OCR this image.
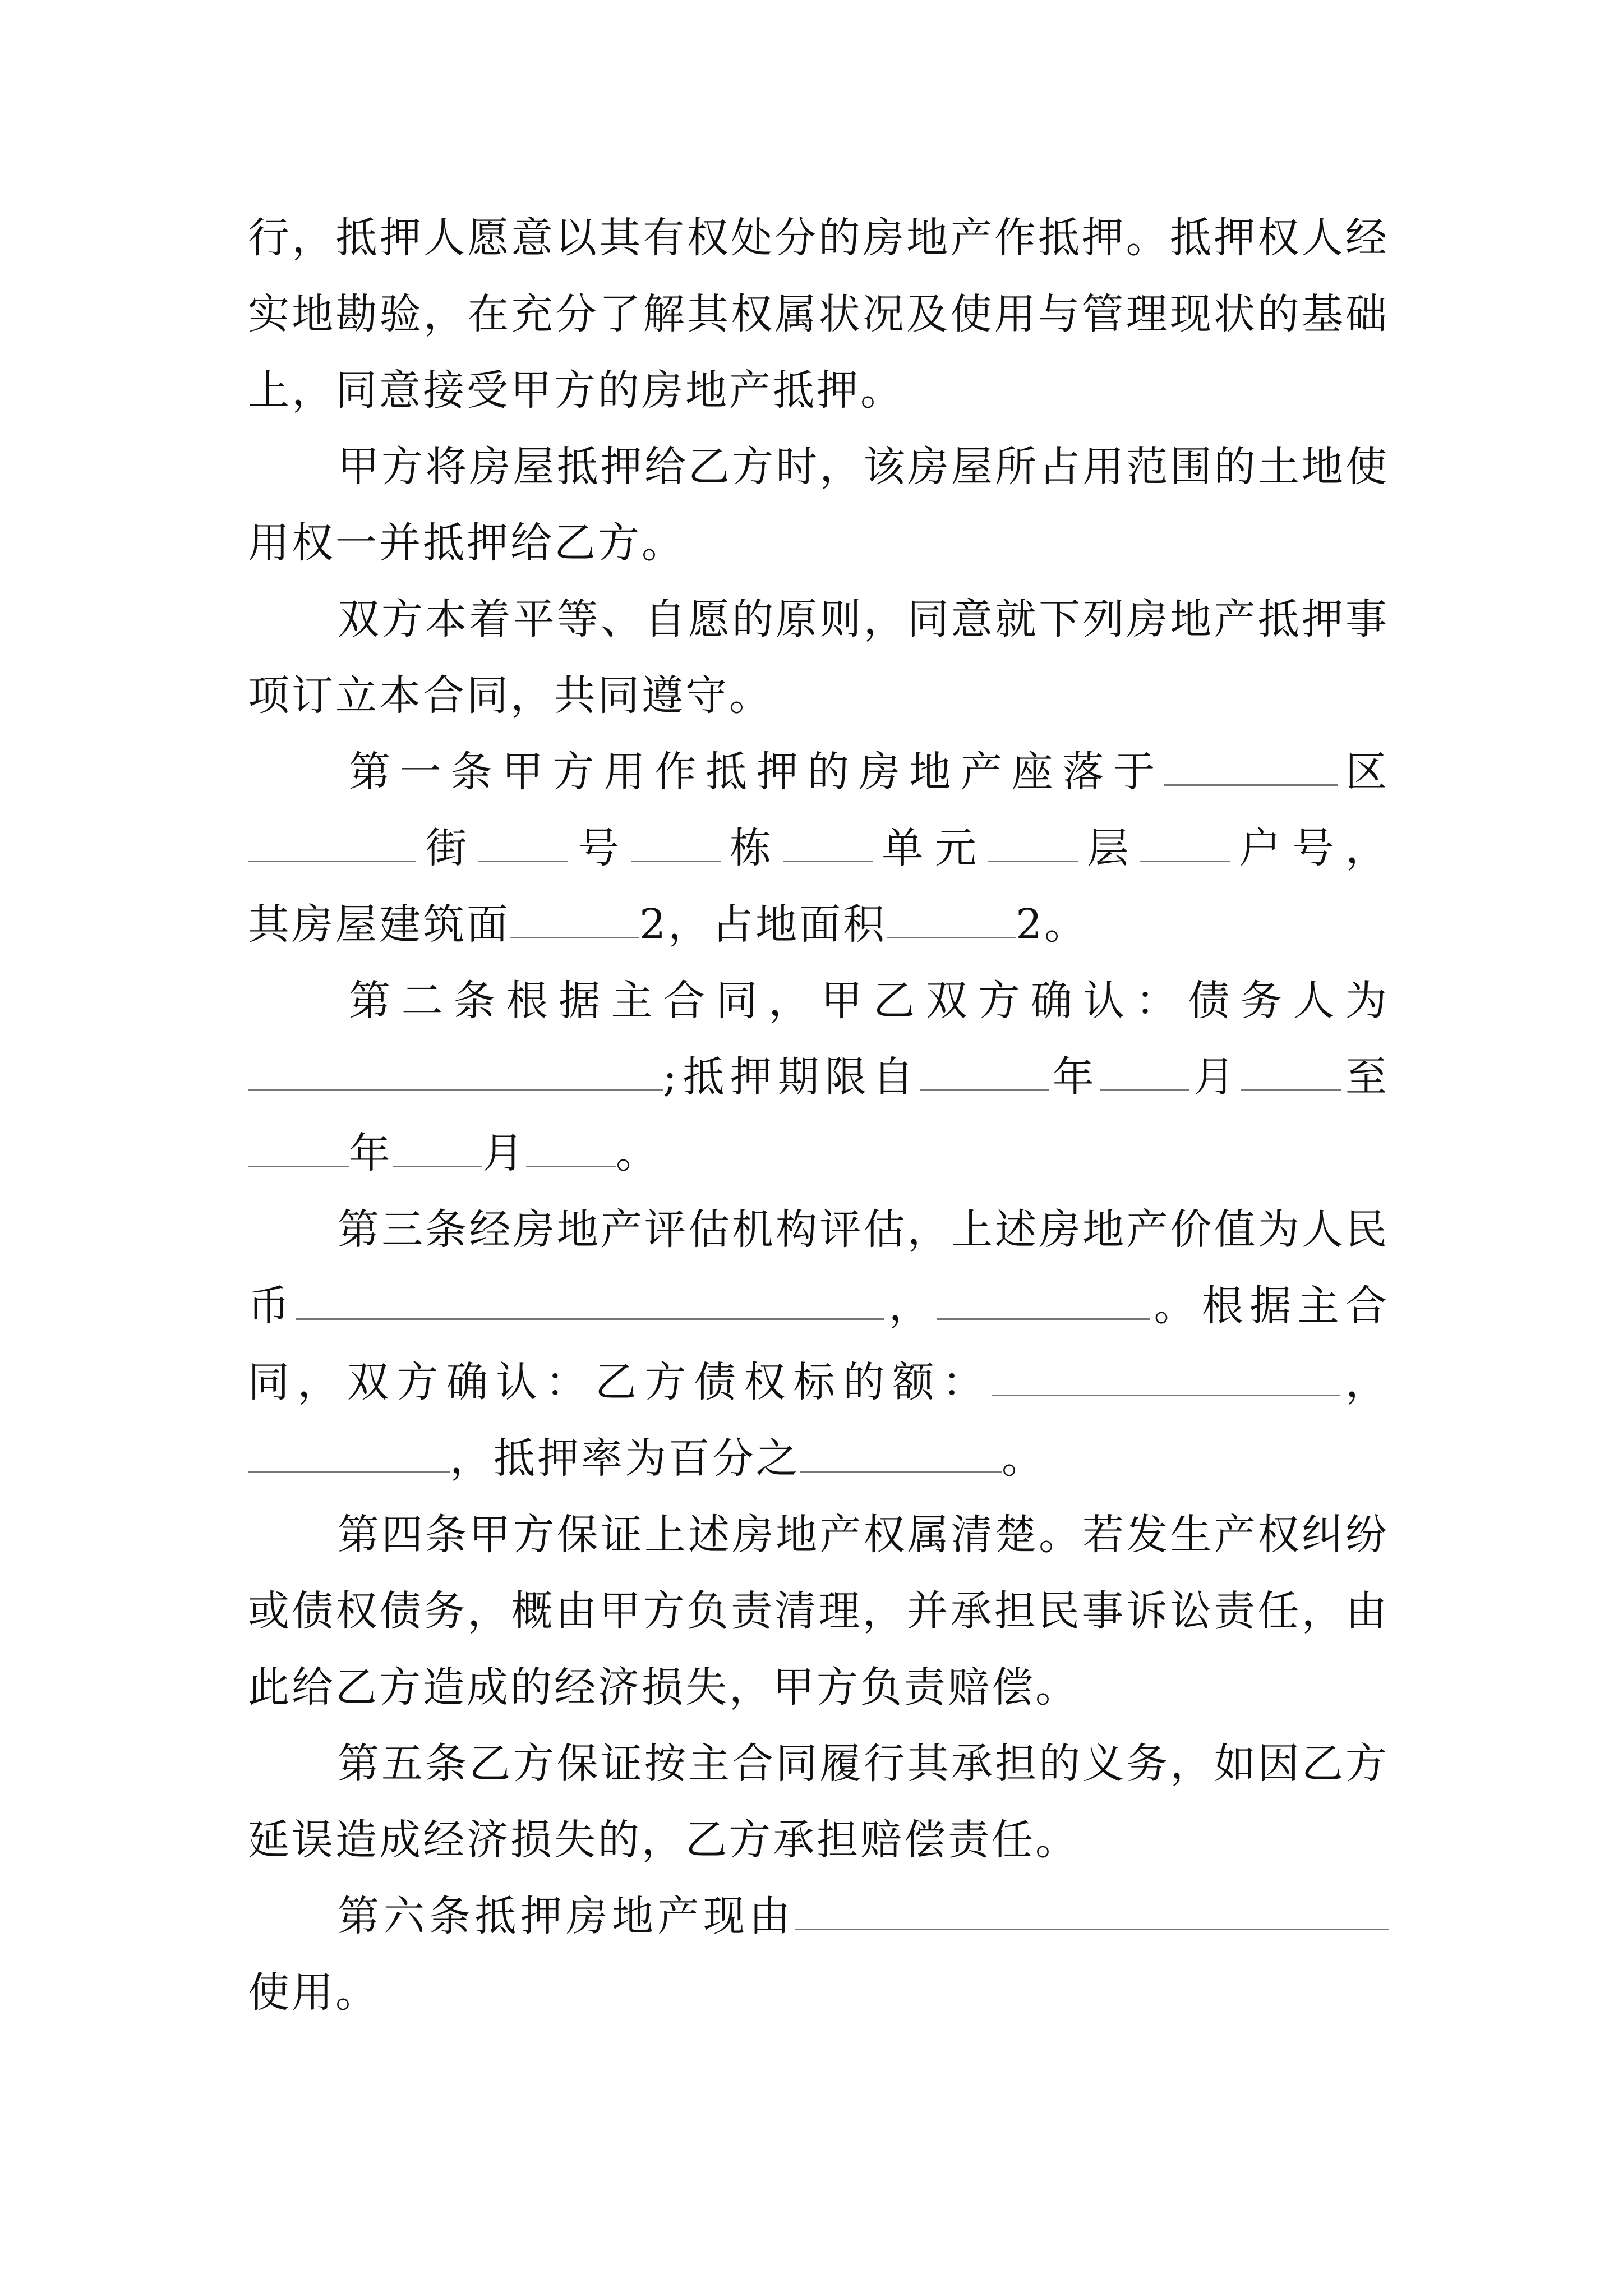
行，抵押人愿意以其有权处分的房地产作抵押。抵押权人经
实地勘验，在充分了解其权属状况及使用与管理现状的基础
上，同意接受甲方的房地产抵押。

甲方将房屋抵押给乙方时，该房屋所占用范围的土地使
用权一并抵押给乙方。

双方本着平等、自愿的原则，同意就下列房地产抵押事
项订立本合同，共同遵守。

第一条甲方用作抵押的房地产座落于	区
街 号 栋 单元 层 户号，
其房屋建筑面	2，占地面积	2。

第二条根据主合同，甲乙双方确认：债务人为
;抵押期限自	年 月 至
年 月 。

第三条经房地产评估机构评估，上述房地产价值为人民
币	，	。根据主合
同，双方确认：乙方债权标的额：	，
，抵押率为百分之	。

第四条甲方保证上述房地产权属清楚。若发生产权纠纷
或债权债务，概由甲方负责清理，并承担民事诉讼责任，由
此给乙方造成的经济损失，甲方负责赔偿。

第五条乙方保证按主合同履行其承担的义务，如因乙方
延误造成经济损失的，乙方承担赔偿责任。

第六条抵押房地产现由
使用。
